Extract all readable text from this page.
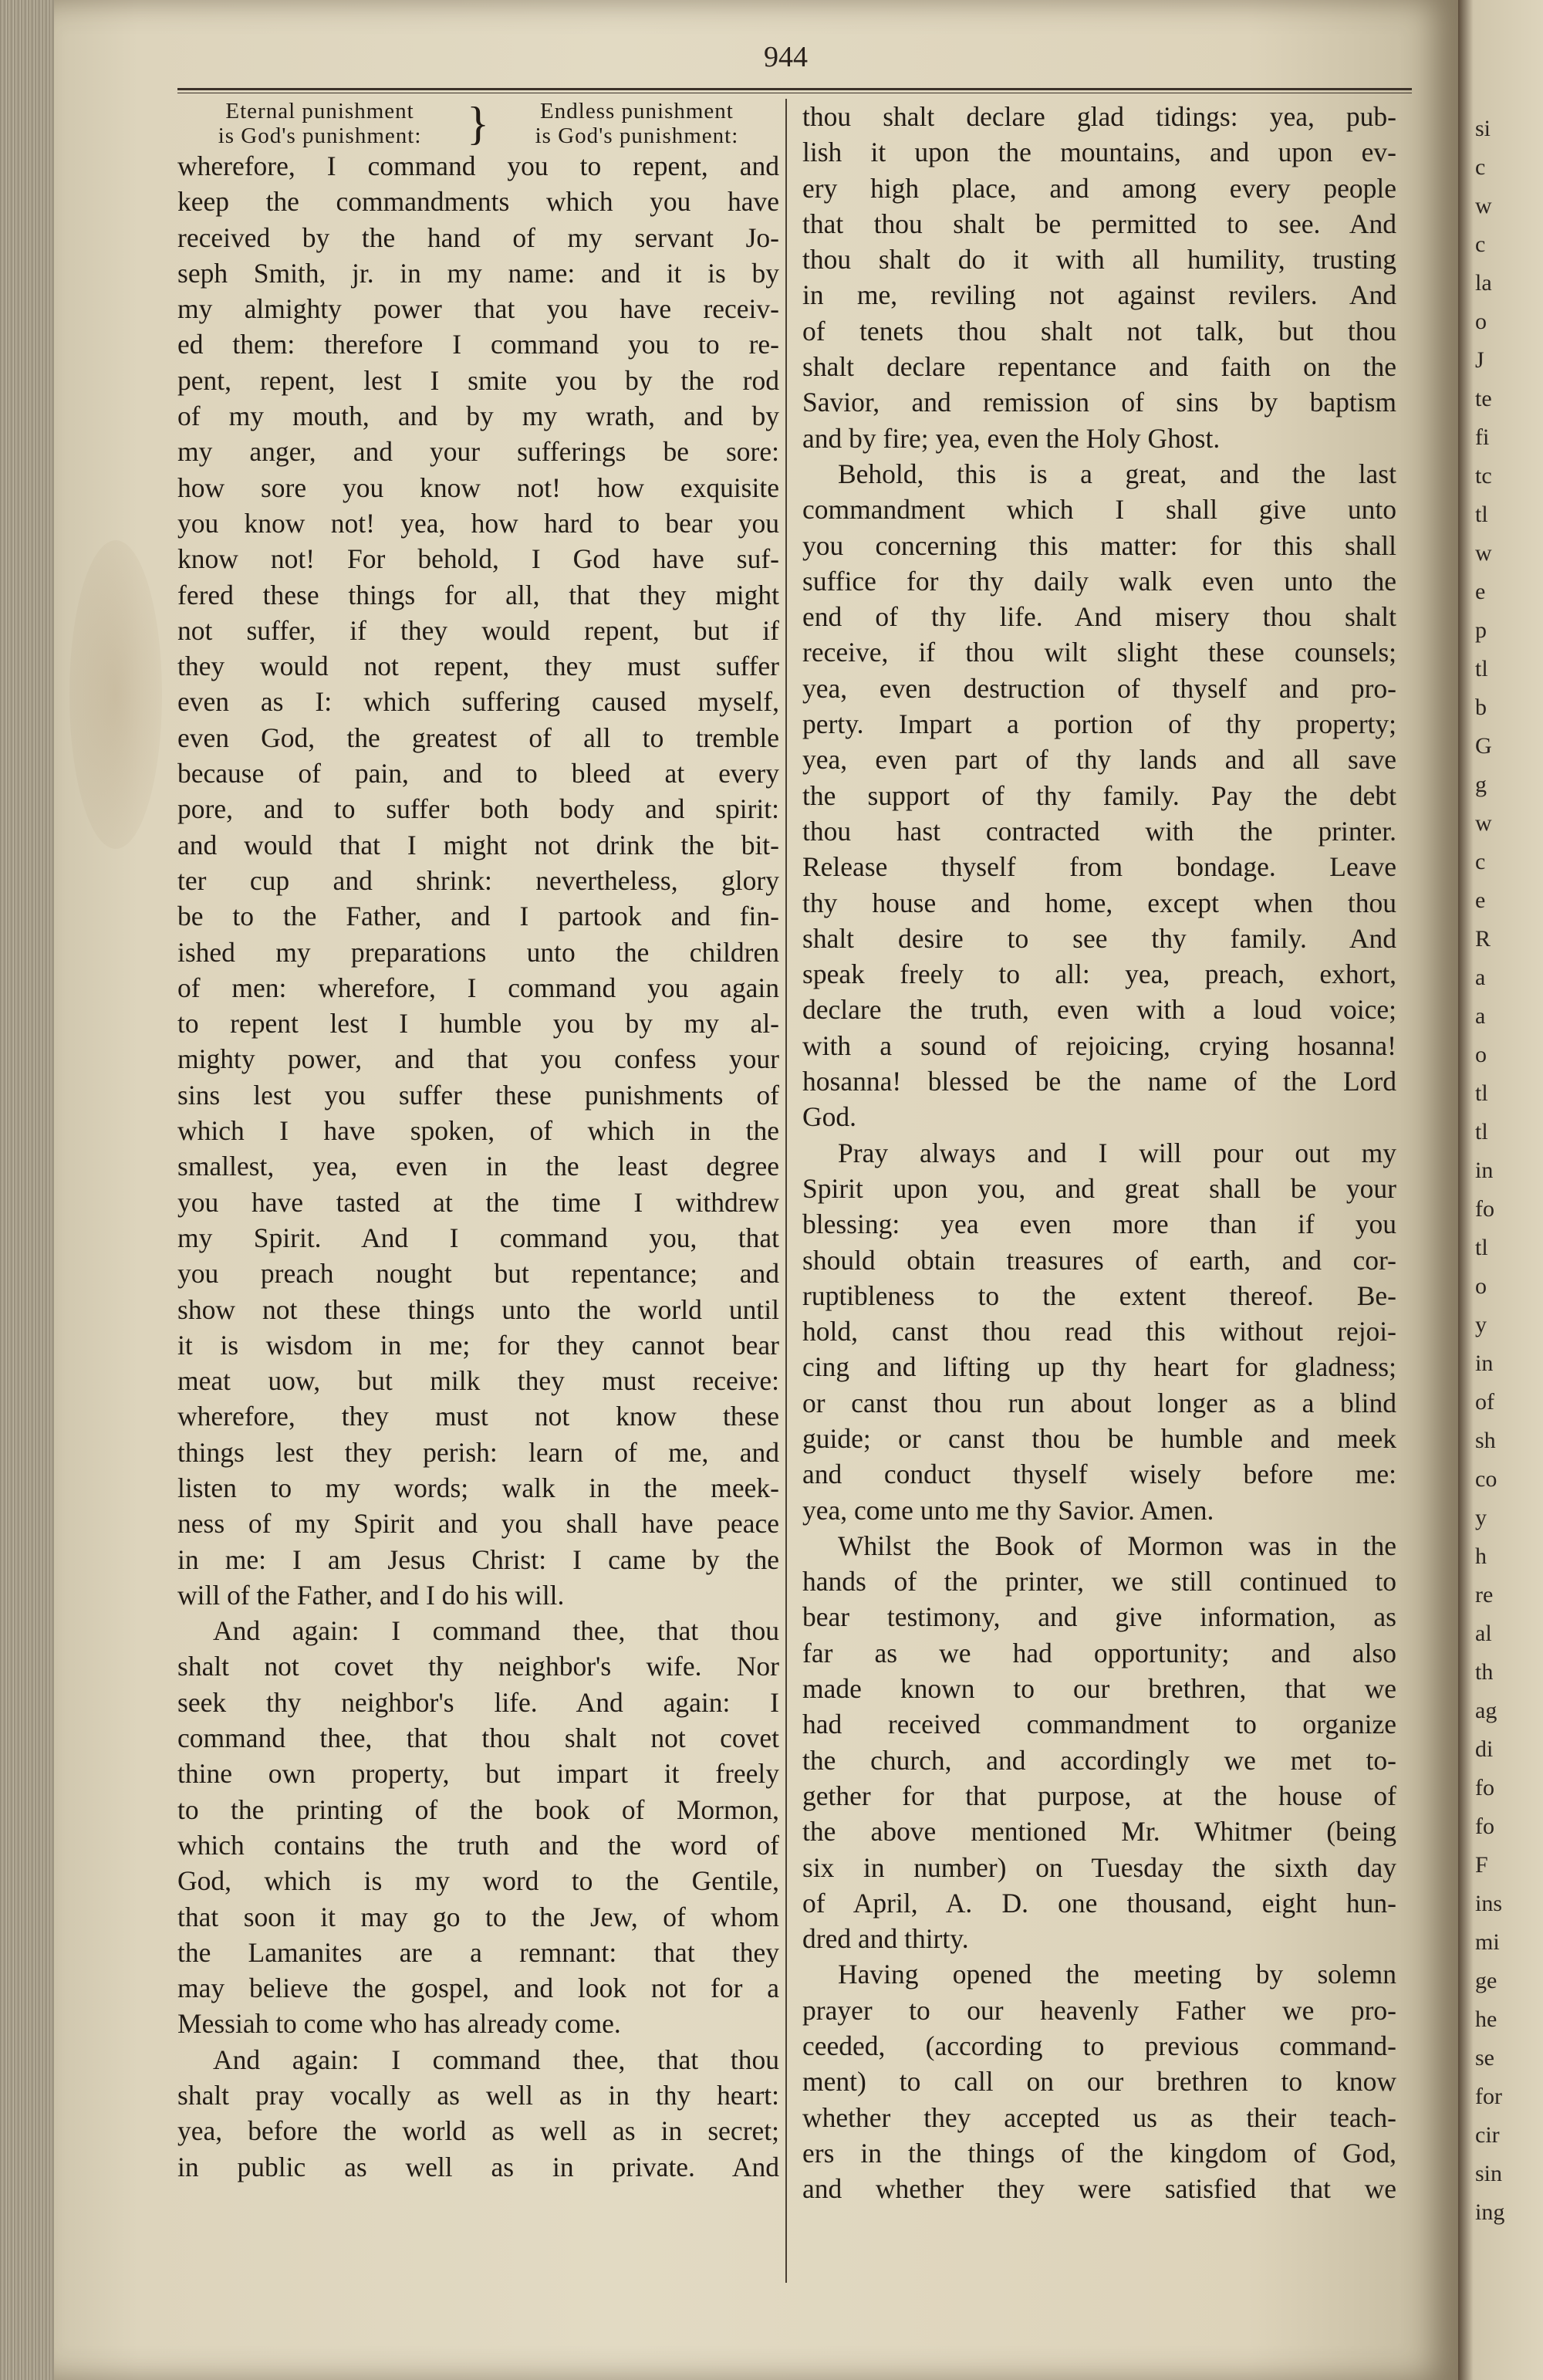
si
c
w
c
la
o
J
te
fi
tc
tl
w
e
p
tl
b
G
g
w
c
e
R
a
a
o
tl
tl
in
fo
tl
o
y
in
of
sh
co
y
h
re
al
th
ag
di
fo
fo
F
ins
mi
ge
he
se
for
cir
sin
ing
944
Eternal punishment
is God's punishment: }	Endless punishment
is God's punishment:
wherefore, I command you to repent, and
keep the commandments which you have
received by the hand of my servant Jo-
seph Smith, jr. in my name: and it is by
my almighty power that you have receiv-
ed them: therefore I command you to re-
pent, repent, lest I smite you by the rod
of my mouth, and by my wrath, and by
my anger, and your sufferings be sore:
how sore you know not! how exquisite
you know not! yea, how hard to bear you
know not! For behold, I God have suf-
fered these things for all, that they might
not suffer, if they would repent, but if
they would not repent, they must suffer
even as I: which suffering caused myself,
even God, the greatest of all to tremble
because of pain, and to bleed at every
pore, and to suffer both body and spirit:
and would that I might not drink the bit-
ter cup and shrink: nevertheless, glory
be to the Father, and I partook and fin-
ished my preparations unto the children
of men: wherefore, I command you again
to repent lest I humble you by my al-
mighty power, and that you confess your
sins lest you suffer these punishments of
which I have spoken, of which in the
smallest, yea, even in the least degree
you have tasted at the time I withdrew
my Spirit. And I command you, that
you preach nought but repentance; and
show not these things unto the world until
it is wisdom in me; for they cannot bear
meat uow, but milk they must receive:
wherefore, they must not know these
things lest they perish: learn of me, and
listen to my words; walk in the meek-
ness of my Spirit and you shall have peace
in me: I am Jesus Christ: I came by the
will of the Father, and I do his will.
And again: I command thee, that thou
shalt not covet thy neighbor's wife. Nor
seek thy neighbor's life. And again: I
command thee, that thou shalt not covet
thine own property, but impart it freely
to the printing of the book of Mormon,
which contains the truth and the word of
God, which is my word to the Gentile,
that soon it may go to the Jew, of whom
the Lamanites are a remnant: that they
may believe the gospel, and look not for a
Messiah to come who has already come.
And again: I command thee, that thou
shalt pray vocally as well as in thy heart:
yea, before the world as well as in secret;
in public as well as in private. And
thou shalt declare glad tidings: yea, pub-
lish it upon the mountains, and upon ev-
ery high place, and among every people
that thou shalt be permitted to see. And
thou shalt do it with all humility, trusting
in me, reviling not against revilers. And
of tenets thou shalt not talk, but thou
shalt declare repentance and faith on the
Savior, and remission of sins by baptism
and by fire; yea, even the Holy Ghost.
Behold, this is a great, and the last
commandment which I shall give unto
you concerning this matter: for this shall
suffice for thy daily walk even unto the
end of thy life. And misery thou shalt
receive, if thou wilt slight these counsels;
yea, even destruction of thyself and pro-
perty. Impart a portion of thy property;
yea, even part of thy lands and all save
the support of thy family. Pay the debt
thou hast contracted with the printer.
Release thyself from bondage. Leave
thy house and home, except when thou
shalt desire to see thy family. And
speak freely to all: yea, preach, exhort,
declare the truth, even with a loud voice;
with a sound of rejoicing, crying hosanna!
hosanna! blessed be the name of the Lord
God.
Pray always and I will pour out my
Spirit upon you, and great shall be your
blessing: yea even more than if you
should obtain treasures of earth, and cor-
ruptibleness to the extent thereof. Be-
hold, canst thou read this without rejoi-
cing and lifting up thy heart for gladness;
or canst thou run about longer as a blind
guide; or canst thou be humble and meek
and conduct thyself wisely before me:
yea, come unto me thy Savior. Amen.
Whilst the Book of Mormon was in the
hands of the printer, we still continued to
bear testimony, and give information, as
far as we had opportunity; and also
made known to our brethren, that we
had received commandment to organize
the church, and accordingly we met to-
gether for that purpose, at the house of
the above mentioned Mr. Whitmer (being
six in number) on Tuesday the sixth day
of April, A. D. one thousand, eight hun-
dred and thirty.
Having opened the meeting by solemn
prayer to our heavenly Father we pro-
ceeded, (according to previous command-
ment) to call on our brethren to know
whether they accepted us as their teach-
ers in the things of the kingdom of God,
and whether they were satisfied that we
